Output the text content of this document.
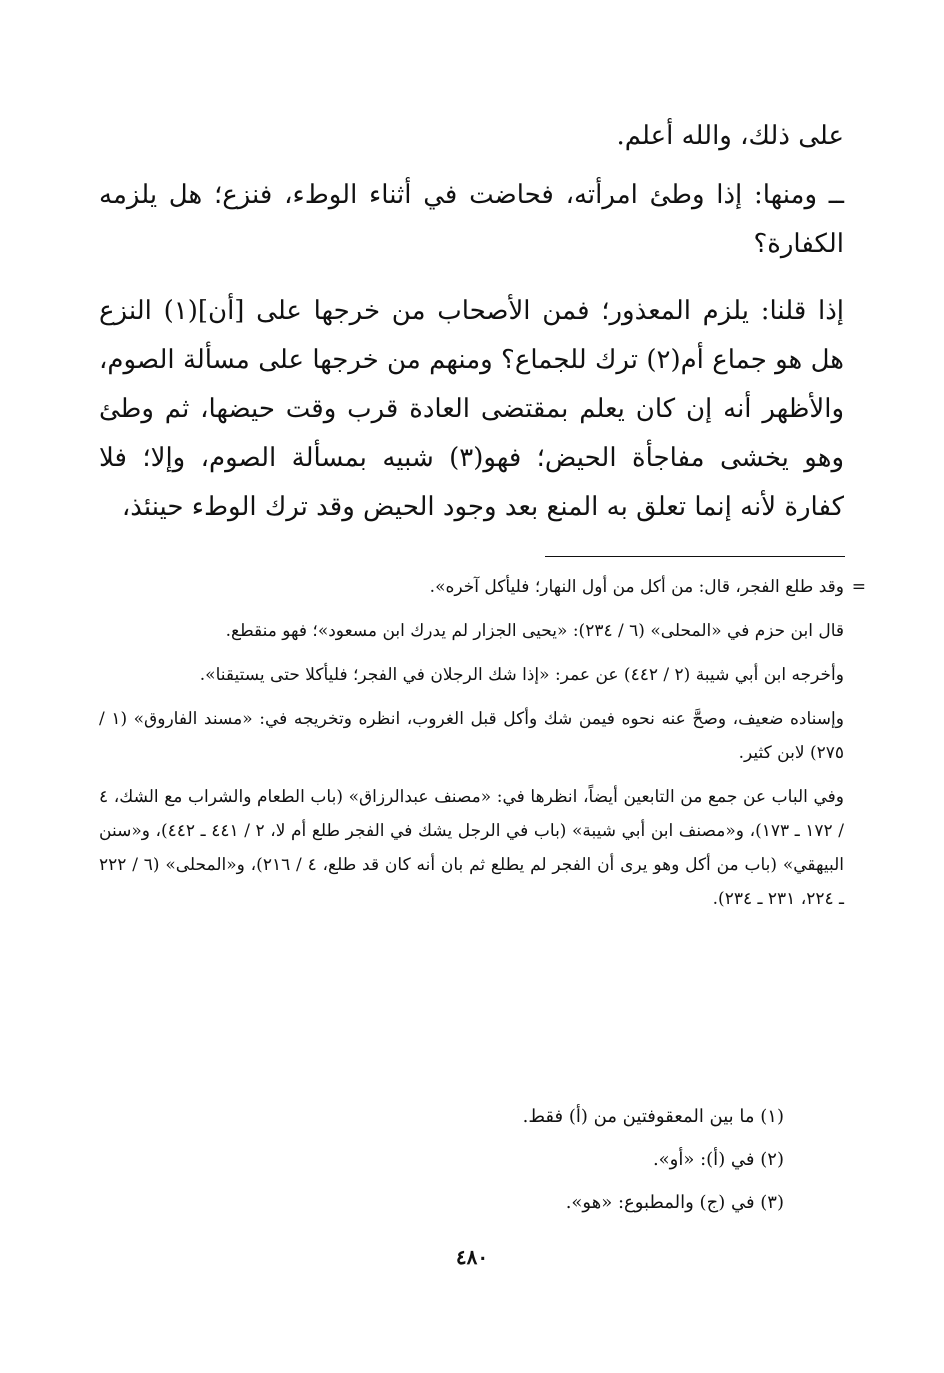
على ذلك، والله أعلم.

ــ ومنها: إذا وطئ امرأته، فحاضت في أثناء الوطء، فنزع؛ هل يلزمه الكفارة؟

إذا قلنا: يلزم المعذور؛ فمن الأصحاب من خرجها على [أن](١) النزع هل هو جماع أم(٢) ترك للجماع؟ ومنهم من خرجها على مسألة الصوم، والأظهر أنه إن كان يعلم بمقتضى العادة قرب وقت حيضها، ثم وطئ وهو يخشى مفاجأة الحيض؛ فهو(٣) شبيه بمسألة الصوم، وإلا؛ فلا كفارة لأنه إنما تعلق به المنع بعد وجود الحيض وقد ترك الوطء حينئذ،

=
وقد طلع الفجر، قال: من أكل من أول النهار؛ فليأكل آخره».

قال ابن حزم في «المحلى» (٦ / ٢٣٤): «يحيى الجزار لم يدرك ابن مسعود»؛ فهو منقطع.

وأخرجه ابن أبي شيبة (٢ / ٤٤٢) عن عمر: «إذا شك الرجلان في الفجر؛ فليأكلا حتى يستيقنا».

وإسناده ضعيف، وصحَّ عنه نحوه فيمن شك وأكل قبل الغروب، انظره وتخريجه في: «مسند الفاروق» (١ / ٢٧٥) لابن كثير.

وفي الباب عن جمع من التابعين أيضاً، انظرها في: «مصنف عبدالرزاق» (باب الطعام والشراب مع الشك، ٤ / ١٧٢ ـ ١٧٣)، و«مصنف ابن أبي شيبة» (باب في الرجل يشك في الفجر طلع أم لا، ٢ / ٤٤١ ـ ٤٤٢)، و«سنن البيهقي» (باب من أكل وهو يرى أن الفجر لم يطلع ثم بان أنه كان قد طلع، ٤ / ٢١٦)، و«المحلى» (٦ / ٢٢٢ ـ ٢٢٤، ٢٣١ ـ ٢٣٤).

(١) ما بين المعقوفتين من (أ) فقط.

(٢) في (أ): «أو».

(٣) في (ج) والمطبوع: «هو».

٤٨٠
